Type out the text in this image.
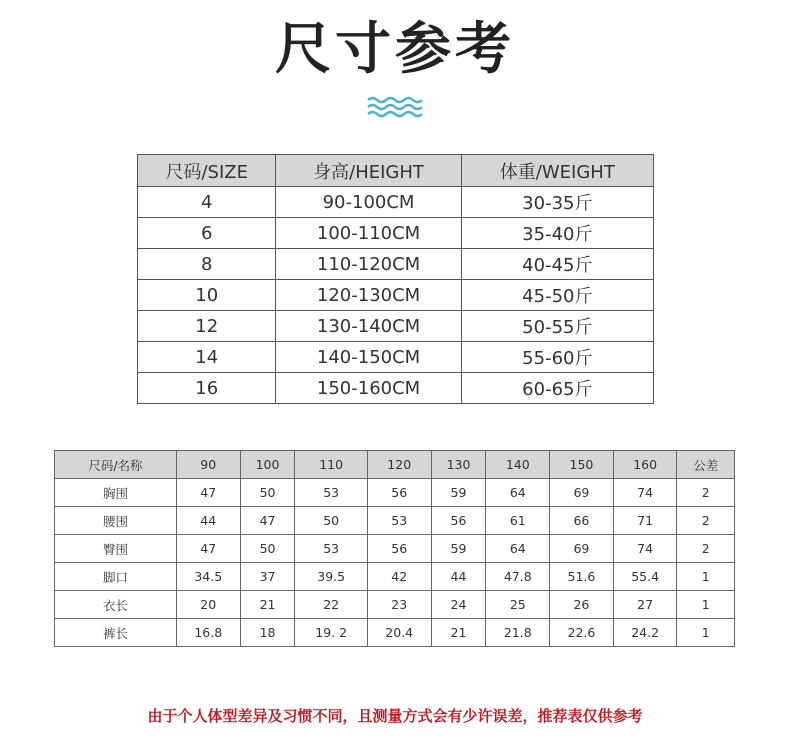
尺寸参考
尺码/SIZE	身高/HEIGHT	体重/WEIGHT
4	90-100CM	30-35斤
6	100-110CM	35-40斤
8	110-120CM	40-45斤
10	120-130CM	45-50斤
12	130-140CM	50-55斤
14	140-150CM	55-60斤
16	150-160CM	60-65斤
尺码/名称	90	100	110	120	130	140	150	160	公差
胸围	47	50	53	56	59	64	69	74	2
腰围	44	47	50	53	56	61	66	71	2
臀围	47	50	53	56	59	64	69	74	2
脚口	34.5	37	39.5	42	44	47.8	51.6	55.4	1
衣长	20	21	22	23	24	25	26	27	1
裤长	16.8	18	19. 2	20.4	21	21.8	22.6	24.2	1
由于个人体型差异及习惯不同，且测量方式会有少许误差，推荐表仅供参考
